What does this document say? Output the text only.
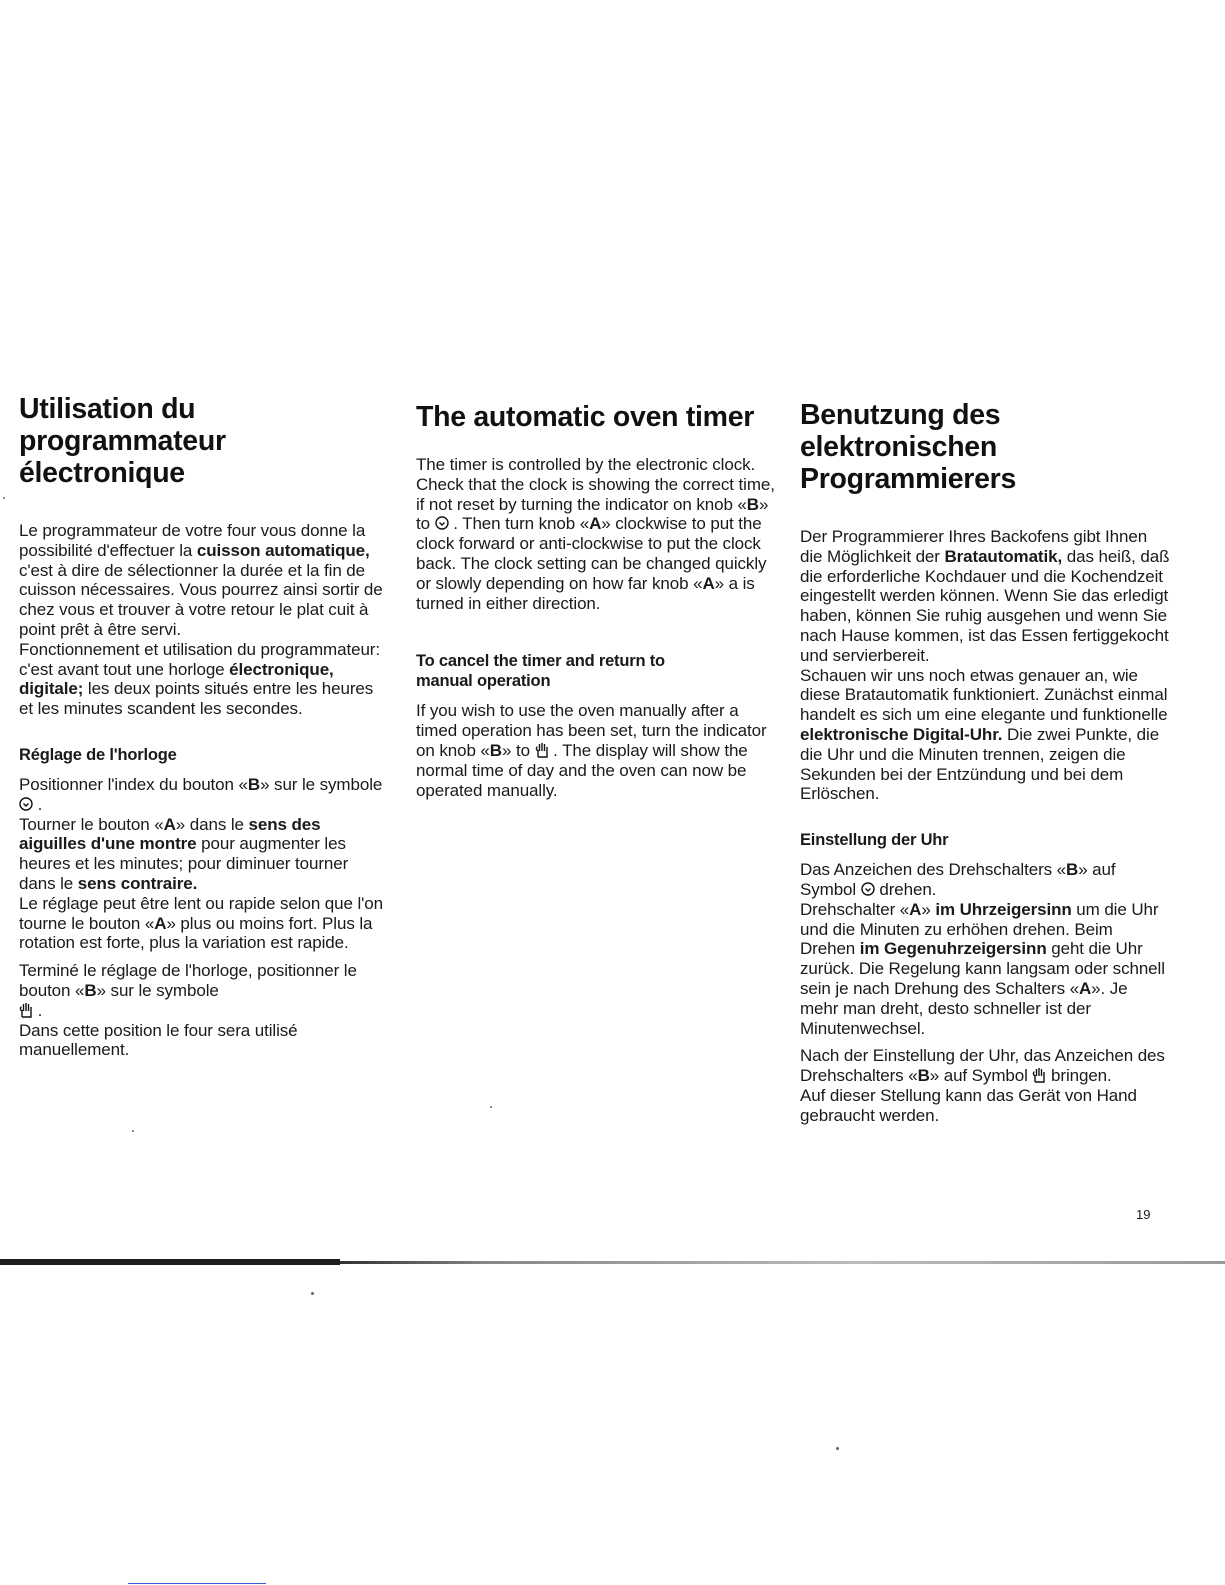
Utilisation du
programmateur
électronique

Le programmateur de votre four vous donne la possibilité d'effectuer la cuisson automatique, c'est à dire de sélectionner la durée et la fin de cuisson nécessaires. Vous pourrez ainsi sortir de chez vous et trouver à votre retour le plat cuit à point prêt à être servi.

Fonctionnement et utilisation du programmateur: c'est avant tout une horloge électronique, digitale; les deux points situés entre les heures et les minutes scandent les secondes.

Réglage de l'horloge

Positionner l'index du bouton «B» sur le symbole  .

Tourner le bouton «A» dans le sens des aiguilles d'une montre pour augmenter les heures et les minutes; pour diminuer tourner dans le sens contraire.

Le réglage peut être lent ou rapide selon que l'on tourne le bouton «A» plus ou moins fort. Plus la rotation est forte, plus la variation est rapide.

Terminé le réglage de l'horloge, positionner le bouton «B» sur le symbole
.

Dans cette position le four sera utilisé manuellement.

The automatic oven timer

The timer is controlled by the electronic clock.

Check that the clock is showing the correct time, if not reset by turning the indicator on knob «B» to  . Then turn knob «A» clockwise to put the clock forward or anti-clockwise to put the clock back. The clock setting can be changed quickly or slowly depending on how far knob «A» a is turned in either direction.

To cancel the timer and return to
manual operation

If you wish to use the oven manually after a timed operation has been set, turn the indicator on knob «B» to  . The display will show the normal time of day and the oven can now be operated manually.

Benutzung des
elektronischen
Programmierers

Der Programmierer Ihres Backofens gibt Ihnen die Möglichkeit der Bratautomatik, das heiß, daß die erforderliche Kochdauer und die Kochendzeit eingestellt werden können. Wenn Sie das erledigt haben, können Sie ruhig ausgehen und wenn Sie nach Hause kommen, ist das Essen fertiggekocht und servierbereit.

Schauen wir uns noch etwas genauer an, wie diese Bratautomatik funktioniert. Zunächst einmal handelt es sich um eine elegante und funktionelle elektronische Digital-Uhr. Die zwei Punkte, die die Uhr und die Minuten trennen, zeigen die Sekunden bei der Entzündung und bei dem Erlöschen.

Einstellung der Uhr

Das Anzeichen des Drehschalters «B» auf Symbol  drehen.

Drehschalter «A» im Uhrzeigersinn um die Uhr und die Minuten zu erhöhen drehen. Beim Drehen im Gegenuhrzeigersinn geht die Uhr zurück. Die Regelung kann langsam oder schnell sein je nach Drehung des Schalters «A». Je mehr man dreht, desto schneller ist der Minutenwechsel.

Nach der Einstellung der Uhr, das Anzeichen des Drehschalters «B» auf Symbol  bringen.

Auf dieser Stellung kann das Gerät von Hand gebraucht werden.

19
